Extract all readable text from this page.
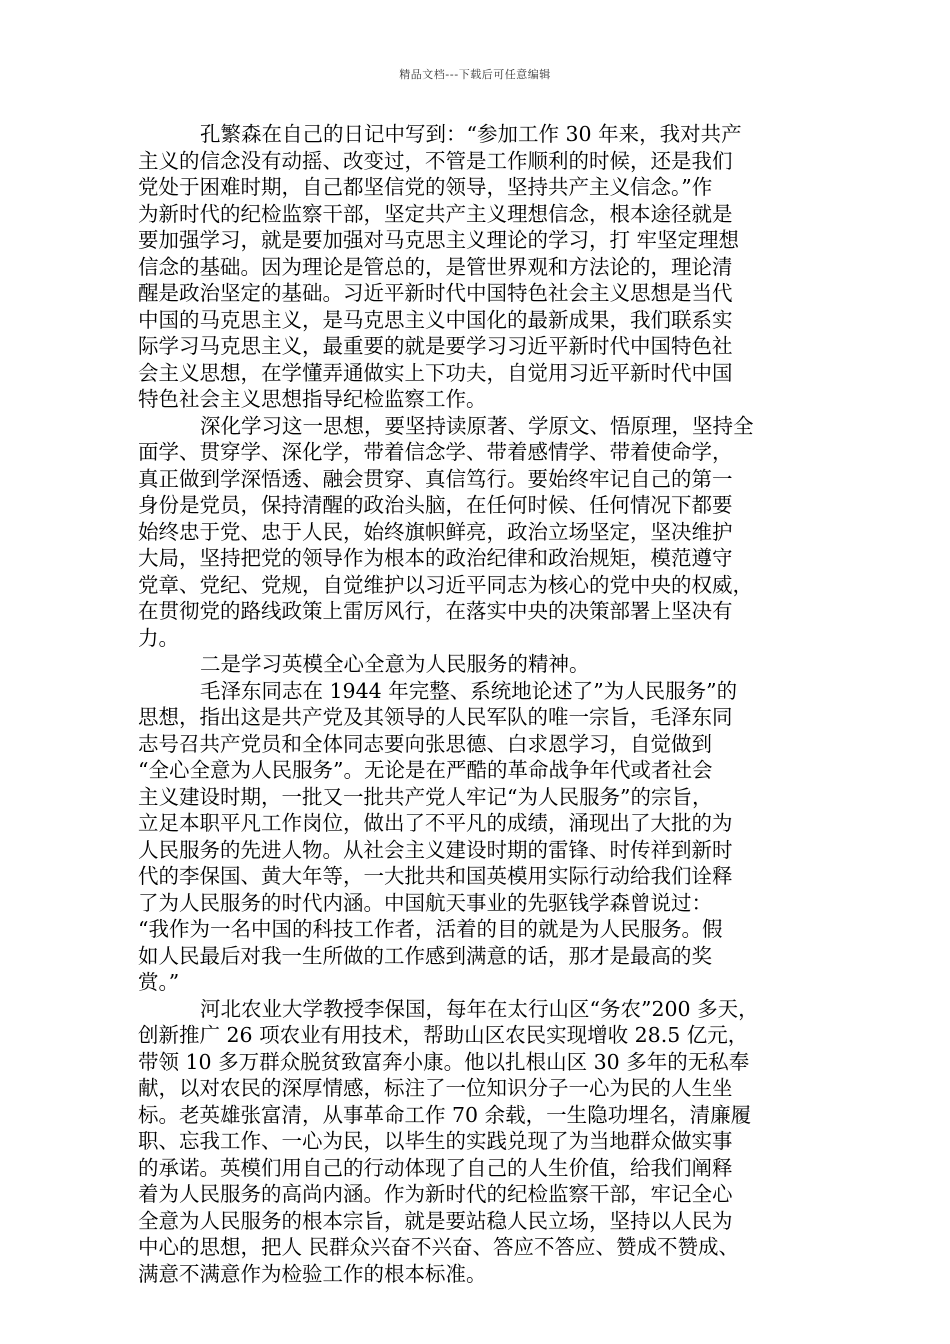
精品文档---下载后可任意编辑
孔繁森在自己的日记中写到：“参加工作 30 年来，我对共产
主义的信念没有动摇、改变过，不管是工作顺利的时候，还是我们
党处于困难时期，自己都坚信党的领导，坚持共产主义信念。”作
为新时代的纪检监察干部，坚定共产主义理想信念，根本途径就是
要加强学习，就是要加强对马克思主义理论的学习，打 牢坚定理想
信念的基础。因为理论是管总的，是管世界观和方法论的，理论清
醒是政治坚定的基础。习近平新时代中国特色社会主义思想是当代
中国的马克思主义，是马克思主义中国化的最新成果，我们联系实
际学习马克思主义，最重要的就是要学习习近平新时代中国特色社
会主义思想，在学懂弄通做实上下功夫，自觉用习近平新时代中国
特色社会主义思想指导纪检监察工作。
深化学习这一思想，要坚持读原著、学原文、悟原理，坚持全
面学、贯穿学、深化学，带着信念学、带着感情学、带着使命学，
真正做到学深悟透、融会贯穿、真信笃行。要始终牢记自己的第一
身份是党员，保持清醒的政治头脑，在任何时候、任何情况下都要
始终忠于党、忠于人民，始终旗帜鲜亮，政治立场坚定，坚决维护
大局，坚持把党的领导作为根本的政治纪律和政治规矩，模范遵守
党章、党纪、党规，自觉维护以习近平同志为核心的党中央的权威，
在贯彻党的路线政策上雷厉风行，在落实中央的决策部署上坚决有
力。
二是学习英模全心全意为人民服务的精神。
毛泽东同志在 1944 年完整、系统地论述了”为人民服务”的
思想，指出这是共产党及其领导的人民军队的唯一宗旨，毛泽东同
志号召共产党员和全体同志要向张思德、白求恩学习，自觉做到
“全心全意为人民服务”。无论是在严酷的革命战争年代或者社会
主义建设时期，一批又一批共产党人牢记“为人民服务”的宗旨，
立足本职平凡工作岗位，做出了不平凡的成绩，涌现出了大批的为
人民服务的先进人物。从社会主义建设时期的雷锋、时传祥到新时
代的李保国、黄大年等，一大批共和国英模用实际行动给我们诠释
了为人民服务的时代内涵。中国航天事业的先驱钱学森曾说过：
“我作为一名中国的科技工作者，活着的目的就是为人民服务。假
如人民最后对我一生所做的工作感到满意的话，那才是最高的奖
赏。”
河北农业大学教授李保国，每年在太行山区“务农”200 多天，
创新推广 26 项农业有用技术，帮助山区农民实现增收 28.5 亿元，
带领 10 多万群众脱贫致富奔小康。他以扎根山区 30 多年的无私奉
献，以对农民的深厚情感，标注了一位知识分子一心为民的人生坐
标。老英雄张富清，从事革命工作 70 余载，一生隐功埋名，清廉履
职、忘我工作、一心为民，以毕生的实践兑现了为当地群众做实事
的承诺。英模们用自己的行动体现了自己的人生价值，给我们阐释
着为人民服务的高尚内涵。作为新时代的纪检监察干部，牢记全心
全意为人民服务的根本宗旨，就是要站稳人民立场，坚持以人民为
中心的思想，把人 民群众兴奋不兴奋、答应不答应、赞成不赞成、
满意不满意作为检验工作的根本标准。
